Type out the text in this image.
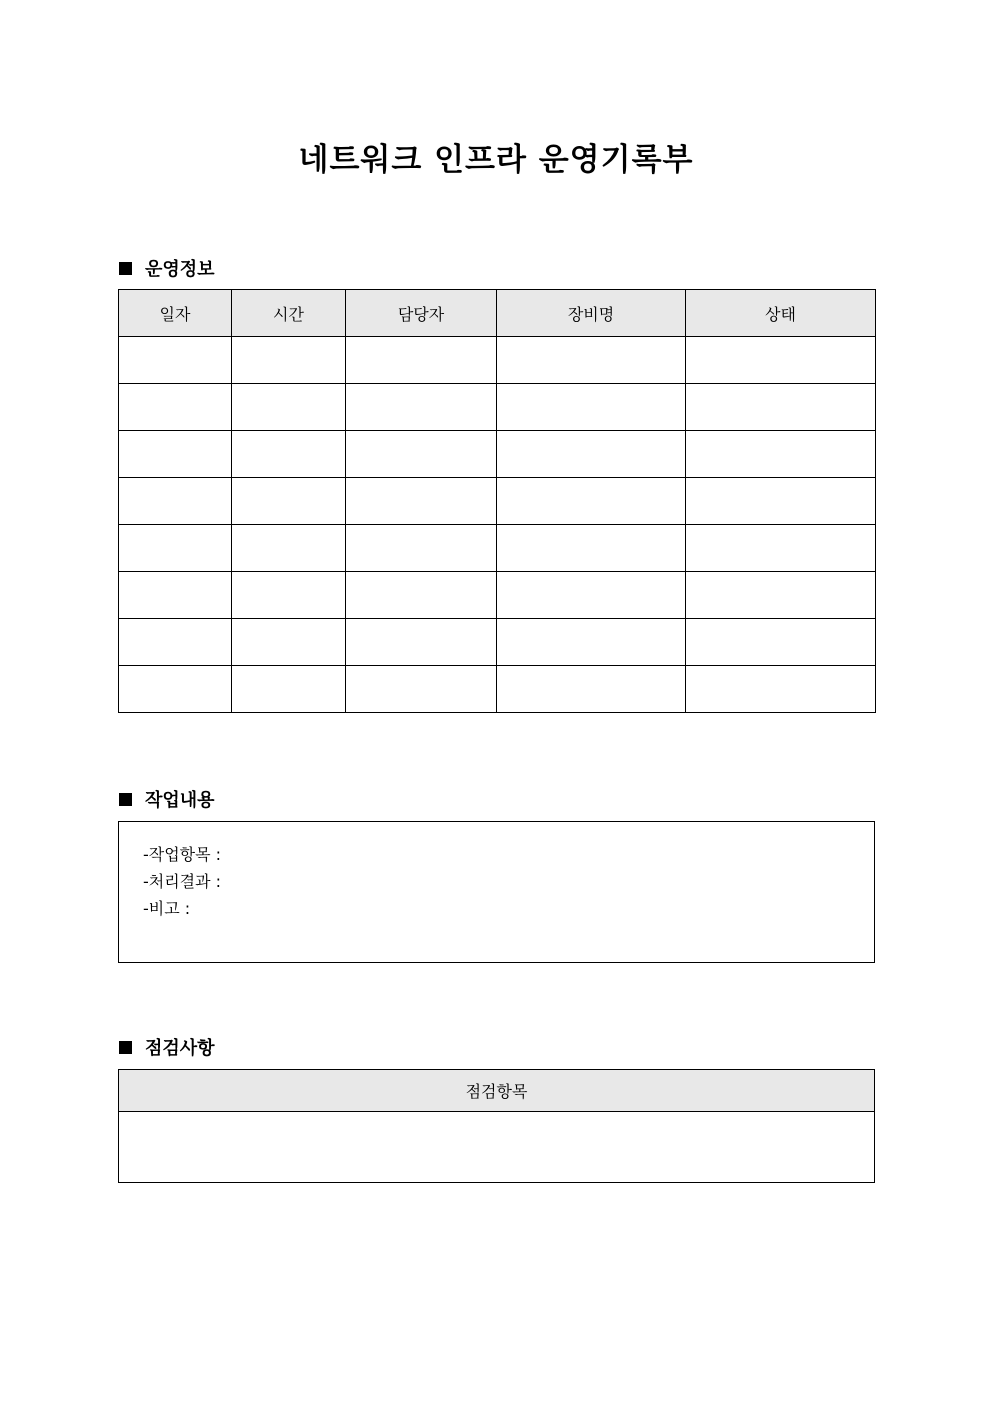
네트워크 인프라 운영기록부
운영정보
일자	시간	담당자	장비명	상태

작업내용
-작업항목 :
-처리결과 :
-비고 :
점검사항
점검항목
